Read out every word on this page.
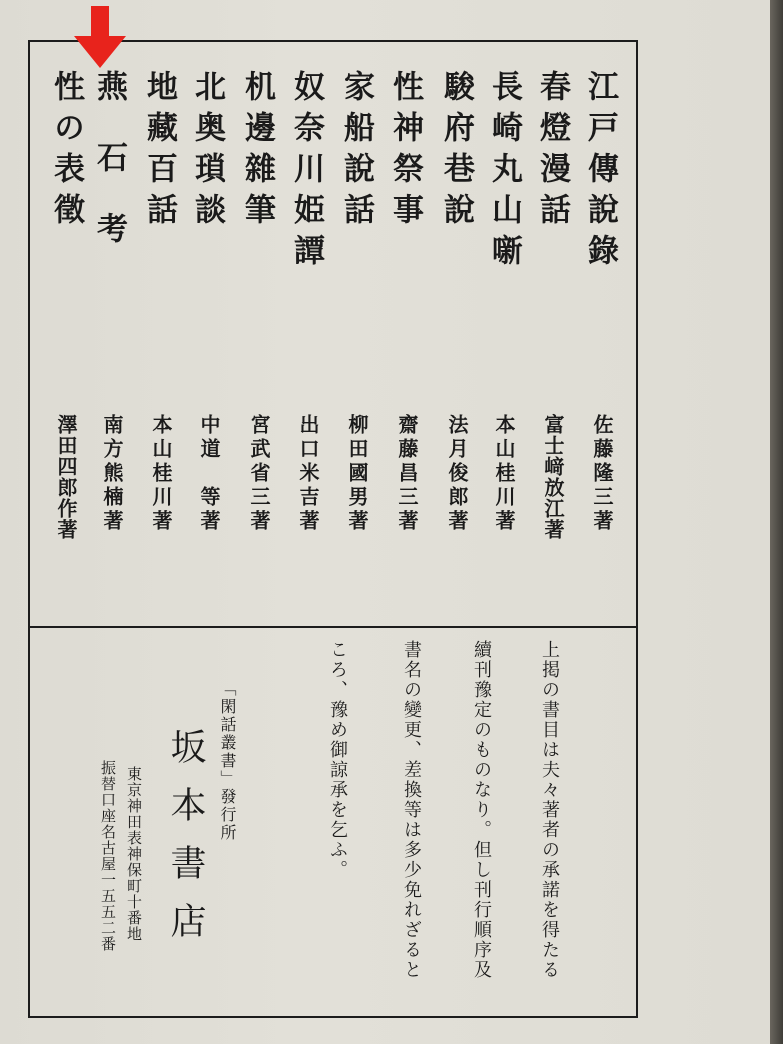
江戸傳說錄
春燈漫話
長崎丸山噺
駿府巷說
性神祭事
家船說話
奴奈川姫譚
机邊雜筆
北奥瑣談
地藏百話
燕石考
性の表徵
佐藤隆三著
富士﨑放江著
本山桂川著
法月俊郎著
齋藤昌三著
柳田國男著
出口米吉著
宮武省三著
中道　等著
本山桂川著
南方熊楠著
澤田四郎作著
上掲の書目は夫々著者の承諾を得たる
續刊豫定のものなり。但し刊行順序及
書名の變更、差換等は多少免れざると
ころ、豫め御諒承を乞ふ。
「閑話叢書」發行所
坂本書店
東京神田表神保町十番地
振替口座名古屋一五五二番
